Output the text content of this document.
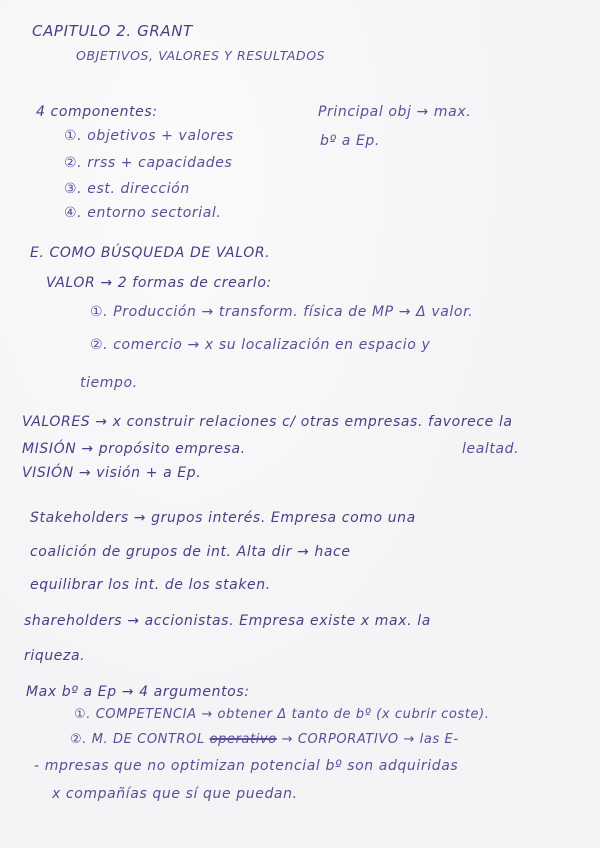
CAPITULO 2. GRANT
OBJETIVOS, VALORES Y RESULTADOS
4 componentes:
①. objetivos + valores
②. rrss + capacidades
③. est. dirección
④. entorno sectorial.
Principal obj → max.
bº a Ep.
E. COMO BÚSQUEDA DE VALOR.
VALOR → 2 formas de crearlo:
①. Producción → transform. física de MP → Δ valor.
②. comercio → x su localización en espacio y
tiempo.
VALORES → x construir relaciones c/ otras empresas. favorece la
MISIÓN → propósito empresa.	lealtad.
VISIÓN → visión + a Ep.
Stakeholders → grupos interés. Empresa como una
coalición de grupos de int. Alta dir → hace
equilibrar los int. de los staken.
shareholders → accionistas. Empresa existe x max. la
riqueza.
Max bº a Ep → 4 argumentos:
①. COMPETENCIA → obtener Δ tanto de bº (x cubrir coste).
②. M. DE CONTROL operativo → CORPORATIVO → las E-
- mpresas que no optimizan potencial bº son adquiridas
x compañías que sí que puedan.
